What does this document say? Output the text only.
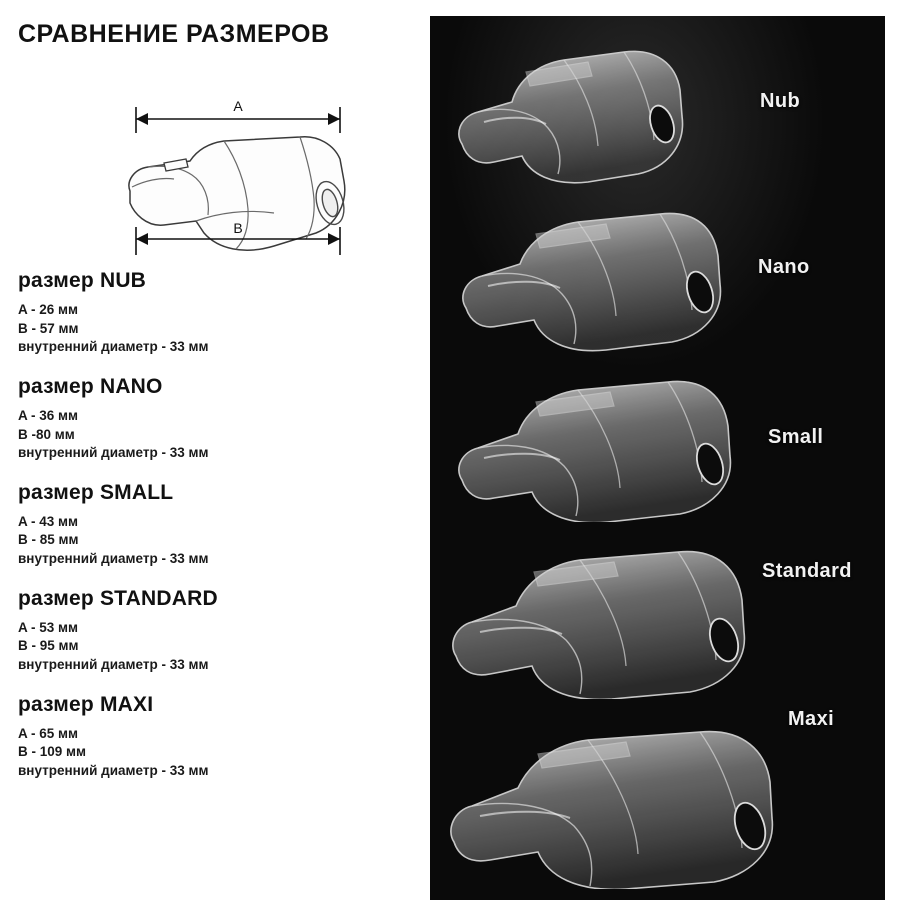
СРАВНЕНИЕ РАЗМЕРОВ
A
B
размер NUB
A - 26 мм
B - 57 мм
внутренний диаметр - 33 мм
размер NANO
A - 36 мм
B -80 мм
внутренний диаметр - 33 мм
размер SMALL
A - 43 мм
B - 85 мм
внутренний диаметр - 33 мм
размер STANDARD
A - 53 мм
B - 95 мм
внутренний диаметр - 33 мм
размер MAXI
A - 65 мм
B - 109 мм
внутренний диаметр - 33 мм
Nub
Nano
Small
Standard
Maxi
